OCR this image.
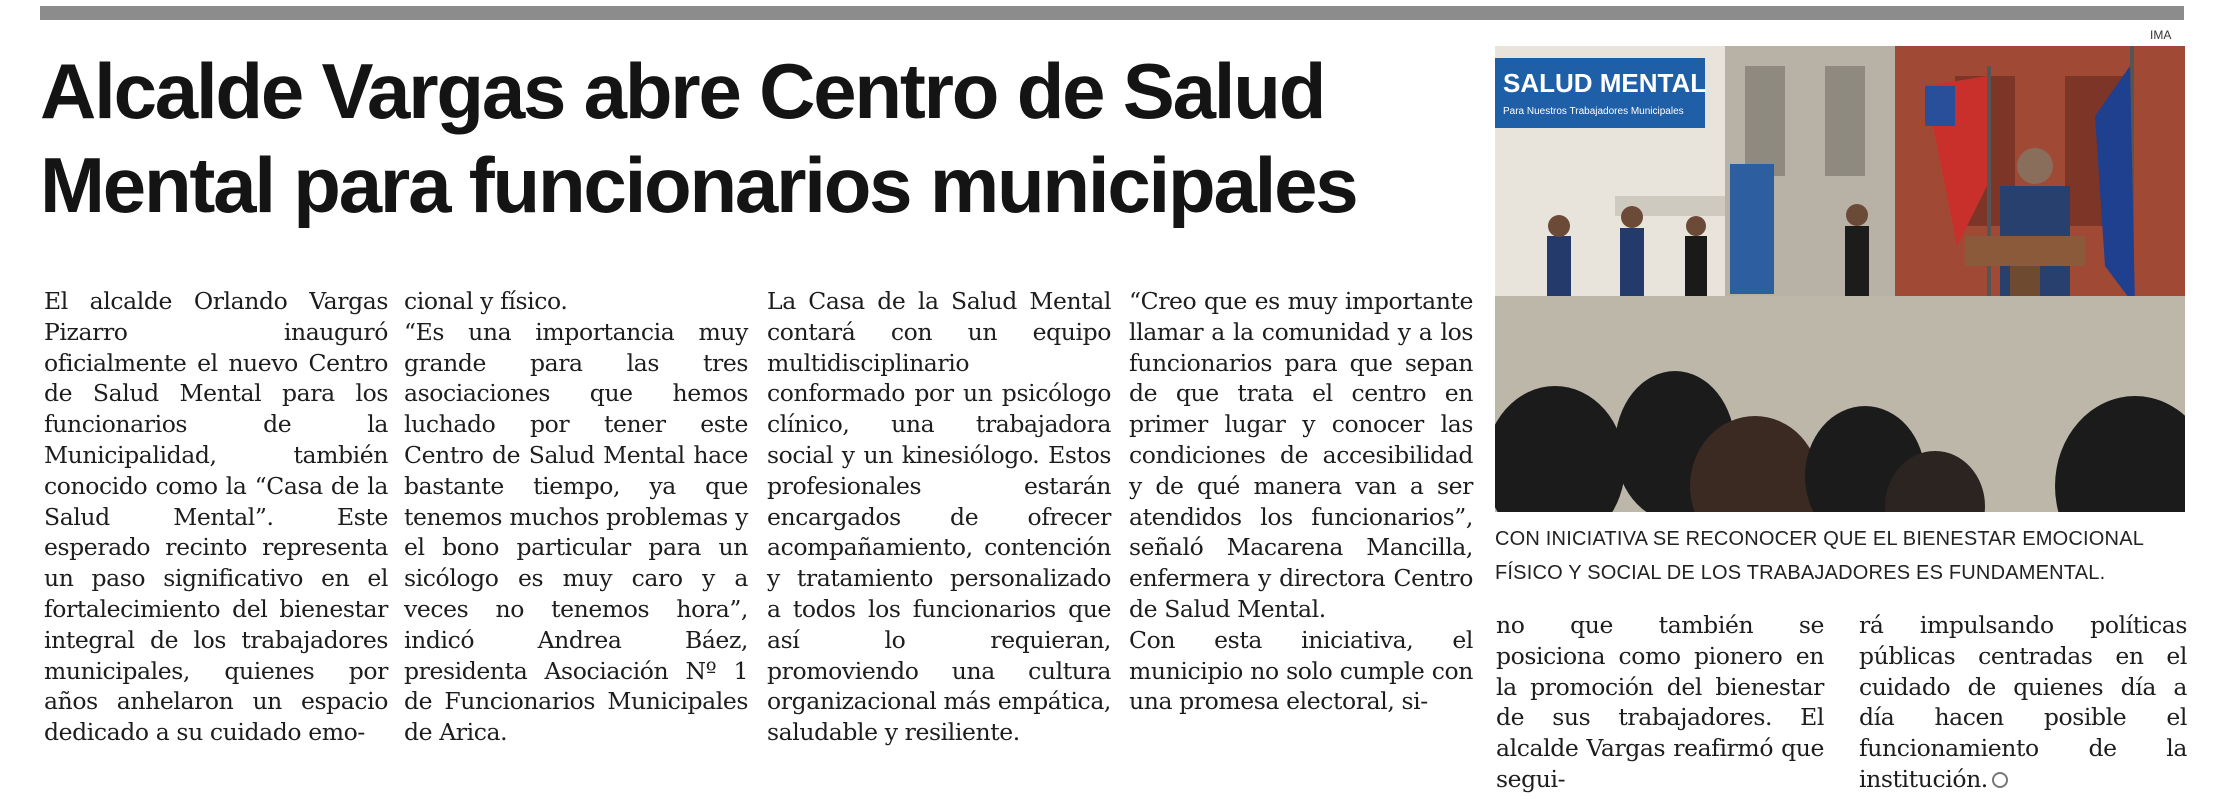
IMA
Alcalde Vargas abre Centro de Salud
Mental para funcionarios municipales

El alcalde Orlando Vargas Pizarro inauguró oficialmente el nuevo Centro de Salud Mental para los funcionarios de la Municipalidad, también conocido como la “Casa de la Salud Mental”. Este esperado recinto representa un paso significativo en el fortalecimiento del bienestar integral de los trabajadores municipales, quienes por años anhelaron un espacio dedicado a su cuidado emo-

cional y físico.

“Es una importancia muy grande para las tres asociaciones que hemos luchado por tener este Centro de Salud Mental hace bastante tiempo, ya que tenemos muchos problemas y el bono particular para un sicólogo es muy caro y a veces no tenemos hora”, indicó Andrea Báez, presidenta Asociación Nº 1 de Funcionarios Municipales de Arica.

La Casa de la Salud Mental contará con un equipo multidisciplinario conformado por un psicólogo clínico, una trabajadora social y un kinesiólogo. Estos profesionales estarán encargados de ofrecer acompañamiento, contención y tratamiento personalizado a todos los funcionarios que así lo requieran, promoviendo una cultura organizacional más empática, saludable y resiliente.

“Creo que es muy importante llamar a la comunidad y a los funcionarios para que sepan de que trata el centro en primer lugar y conocer las condiciones de accesibilidad y de qué manera van a ser atendidos los funcionarios”, señaló Macarena Mancilla, enfermera y directora Centro de Salud Mental.

Con esta iniciativa, el municipio no solo cumple con una promesa electoral, si-

SALUD MENTAL
Para Nuestros Trabajadores Municipales
CON INICIATIVA SE RECONOCER QUE EL BIENESTAR EMOCIONAL
FÍSICO Y SOCIAL DE LOS TRABAJADORES ES FUNDAMENTAL.

no que también se posiciona como pionero en la promoción del bienestar de sus trabajadores. El alcalde Vargas reafirmó que segui-

rá impulsando políticas públicas centradas en el cuidado de quienes día a día hacen posible el funcionamiento de la institución.
